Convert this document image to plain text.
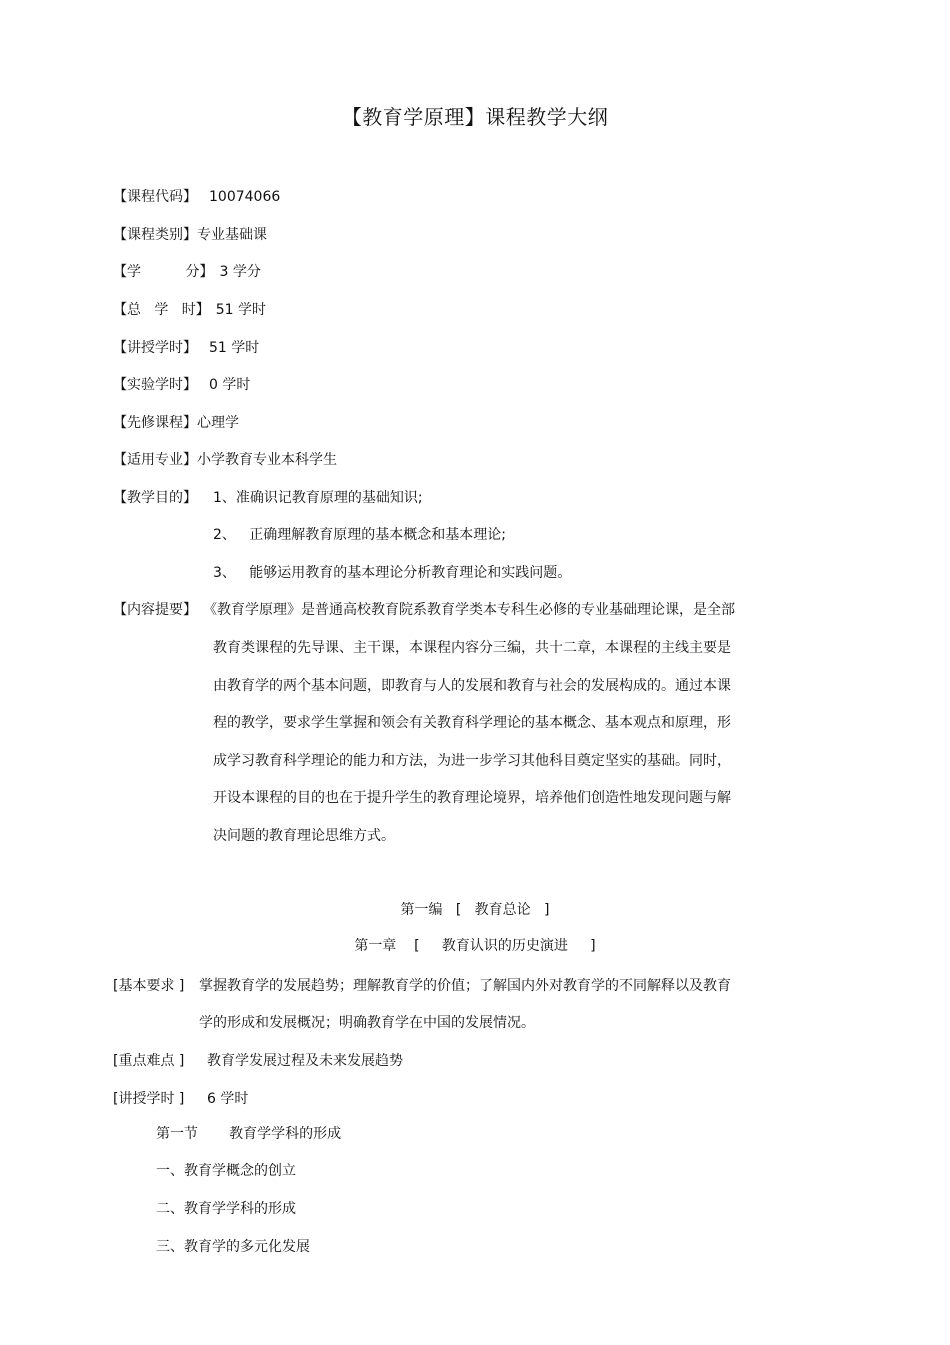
【教育学原理】课程教学大纲
【课程代码】 10074066
【课程类别】专业基础课
【学          分】 3 学分
【总   学   时】 51 学时
【讲授学时】 51 学时
【实验学时】 0 学时
【先修课程】心理学
【适用专业】小学教育专业本科学生
【教学目的】 1、准确识记教育原理的基础知识;
2、   正确理解教育原理的基本概念和基本理论;
3、   能够运用教育的基本理论分析教育理论和实践问题。
【内容提要】 《教育学原理》是普通高校教育院系教育学类本专科生必修的专业基础理论课，是全部
教育类课程的先导课、主干课，本课程内容分三编，共十二章，本课程的主线主要是
由教育学的两个基本问题，即教育与人的发展和教育与社会的发展构成的。通过本课
程的教学，要求学生掌握和领会有关教育科学理论的基本概念、基本观点和原理，形
成学习教育科学理论的能力和方法，为进一步学习其他科目奠定坚实的基础。同时，
开设本课程的目的也在于提升学生的教育理论境界，培养他们创造性地发现问题与解
决问题的教育理论思维方式。
第一编   [   教育总论   ]
第一章    [     教育认识的历史演进     ]
[基本要求 ] 掌握教育学的发展趋势；理解教育学的价值；了解国内外对教育学的不同解释以及教育
学的形成和发展概况；明确教育学在中国的发展情况。
[重点难点 ] 教育学发展过程及未来发展趋势
[讲授学时 ] 6 学时
第一节       教育学学科的形成
一、教育学概念的创立
二、教育学学科的形成
三、教育学的多元化发展
